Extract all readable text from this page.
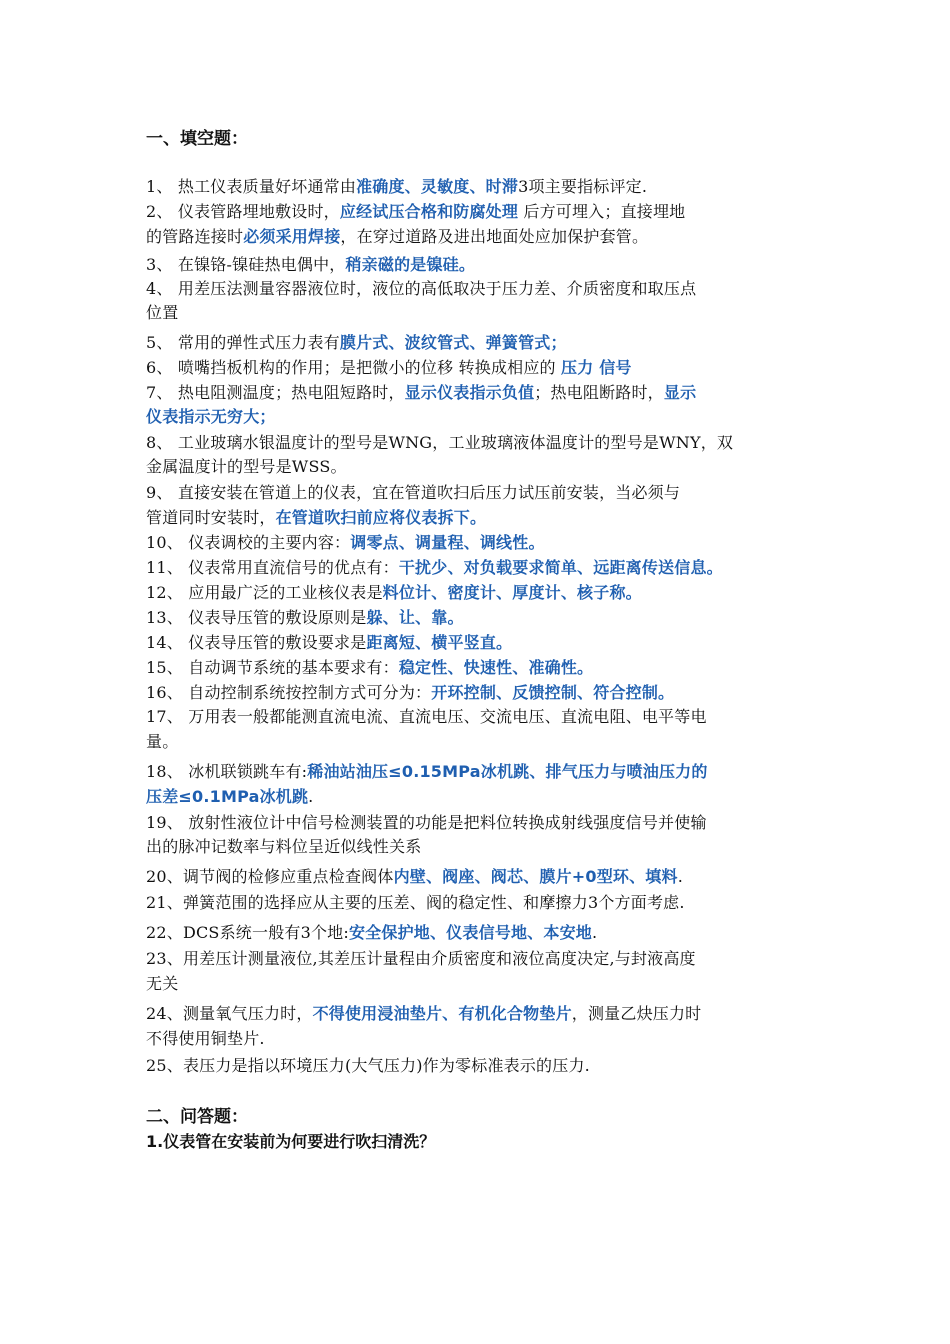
一、填空题：
1、 热工仪表质量好坏通常由准确度、灵敏度、时滞3项主要指标评定.
2、 仪表管路埋地敷设时，应经试压合格和防腐处理 后方可埋入；直接埋地
的管路连接时必须采用焊接，在穿过道路及进出地面处应加保护套管。
3、 在镍铬-镍硅热电偶中，稍亲磁的是镍硅。
4、 用差压法测量容器液位时，液位的高低取决于压力差、介质密度和取压点
位置
5、 常用的弹性式压力表有膜片式、波纹管式、弹簧管式；
6、 喷嘴挡板机构的作用；是把微小的位移 转换成相应的 压力 信号
7、 热电阻测温度；热电阻短路时，显示仪表指示负值；热电阻断路时，显示
仪表指示无穷大；
8、 工业玻璃水银温度计的型号是WNG，工业玻璃液体温度计的型号是WNY，双
金属温度计的型号是WSS。
9、 直接安装在管道上的仪表，宜在管道吹扫后压力试压前安装，当必须与
管道同时安装时，在管道吹扫前应将仪表拆下。
10、 仪表调校的主要内容：调零点、调量程、调线性。
11、 仪表常用直流信号的优点有：干扰少、对负载要求简单、远距离传送信息。
12、 应用最广泛的工业核仪表是料位计、密度计、厚度计、核子称。
13、 仪表导压管的敷设原则是躲、让、靠。
14、 仪表导压管的敷设要求是距离短、横平竖直。
15、 自动调节系统的基本要求有：稳定性、快速性、准确性。
16、 自动控制系统按控制方式可分为：开环控制、反馈控制、符合控制。
17、 万用表一般都能测直流电流、直流电压、交流电压、直流电阻、电平等电
量。
18、 冰机联锁跳车有:稀油站油压≤0.15MPa冰机跳、排气压力与喷油压力的
压差≤0.1MPa冰机跳.
19、 放射性液位计中信号检测装置的功能是把料位转换成射线强度信号并使输
出的脉冲记数率与料位呈近似线性关系
20、调节阀的检修应重点检查阀体内壁、阀座、阀芯、膜片+0型环、填料.
21、弹簧范围的选择应从主要的压差、阀的稳定性、和摩擦力3个方面考虑.
22、DCS系统一般有3个地:安全保护地、仪表信号地、本安地.
23、用差压计测量液位,其差压计量程由介质密度和液位高度决定,与封液高度
无关
24、测量氧气压力时，不得使用浸油垫片、有机化合物垫片，测量乙炔压力时
不得使用铜垫片.
25、表压力是指以环境压力(大气压力)作为零标准表示的压力.
二、问答题：
1.仪表管在安装前为何要进行吹扫清洗？
